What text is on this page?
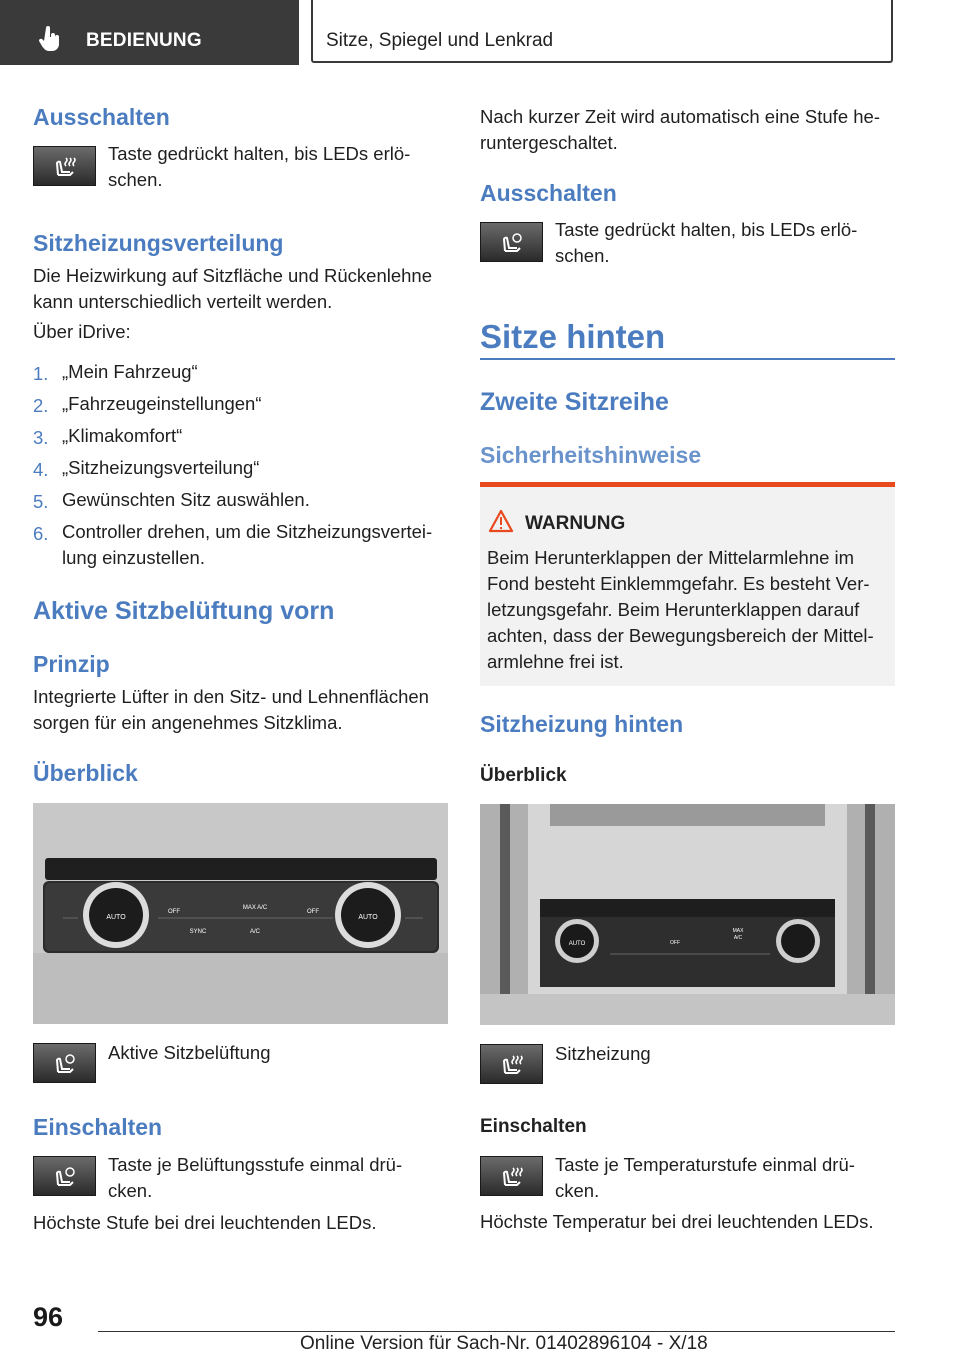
BEDIENUNG	Sitze, Spiegel und Lenkrad
Ausschalten
Taste gedrückt halten, bis LEDs erlö-
schen.
Sitzheizungsverteilung
Die Heizwirkung auf Sitzfläche und Rückenlehne
kann unterschiedlich verteilt werden.
Über iDrive:
1. „Mein Fahrzeug“
2. „Fahrzeugeinstellungen“
3. „Klimakomfort“
4. „Sitzheizungsverteilung“
5. Gewünschten Sitz auswählen.
6. Controller drehen, um die Sitzheizungsvertei-
lung einzustellen.
Aktive Sitzbelüftung vorn
Prinzip
Integrierte Lüfter in den Sitz- und Lehnenflächen
sorgen für ein angenehmes Sitzklima.
Überblick
AUTO	AUTO
OFF
MAX A/C
OFF
SYNC	A/C
Aktive Sitzbelüftung
Einschalten
Taste je Belüftungsstufe einmal drü-
cken.
Höchste Stufe bei drei leuchtenden LEDs.
Nach kurzer Zeit wird automatisch eine Stufe he-
runtergeschaltet.
Ausschalten
Taste gedrückt halten, bis LEDs erlö-
schen.
Sitze hinten
Zweite Sitzreihe
Sicherheitshinweise
WARNUNG
Beim Herunterklappen der Mittelarmlehne im
Fond besteht Einklemmgefahr. Es besteht Ver-
letzungsgefahr. Beim Herunterklappen darauf
achten, dass der Bewegungsbereich der Mittel-
armlehne frei ist.
Sitzheizung hinten
Überblick
AUTO	OFF
MAX
A/C
Sitzheizung
Einschalten
Taste je Temperaturstufe einmal drü-
cken.
Höchste Temperatur bei drei leuchtenden LEDs.
96
Online Version für Sach-Nr. 01402896104 - X/18
